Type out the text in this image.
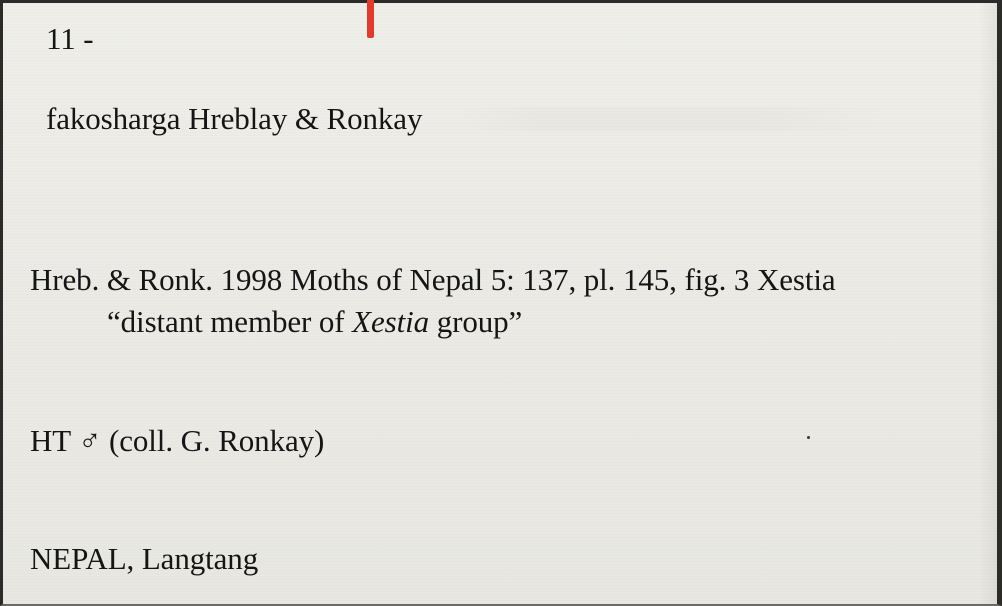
11 -
fakosharga Hreblay & Ronkay
Hreb. & Ronk. 1998 Moths of Nepal 5: 137, pl. 145, fig. 3 Xestia
“distant member of Xestia group”
HT ♂ (coll. G. Ronkay)
NEPAL, Langtang
